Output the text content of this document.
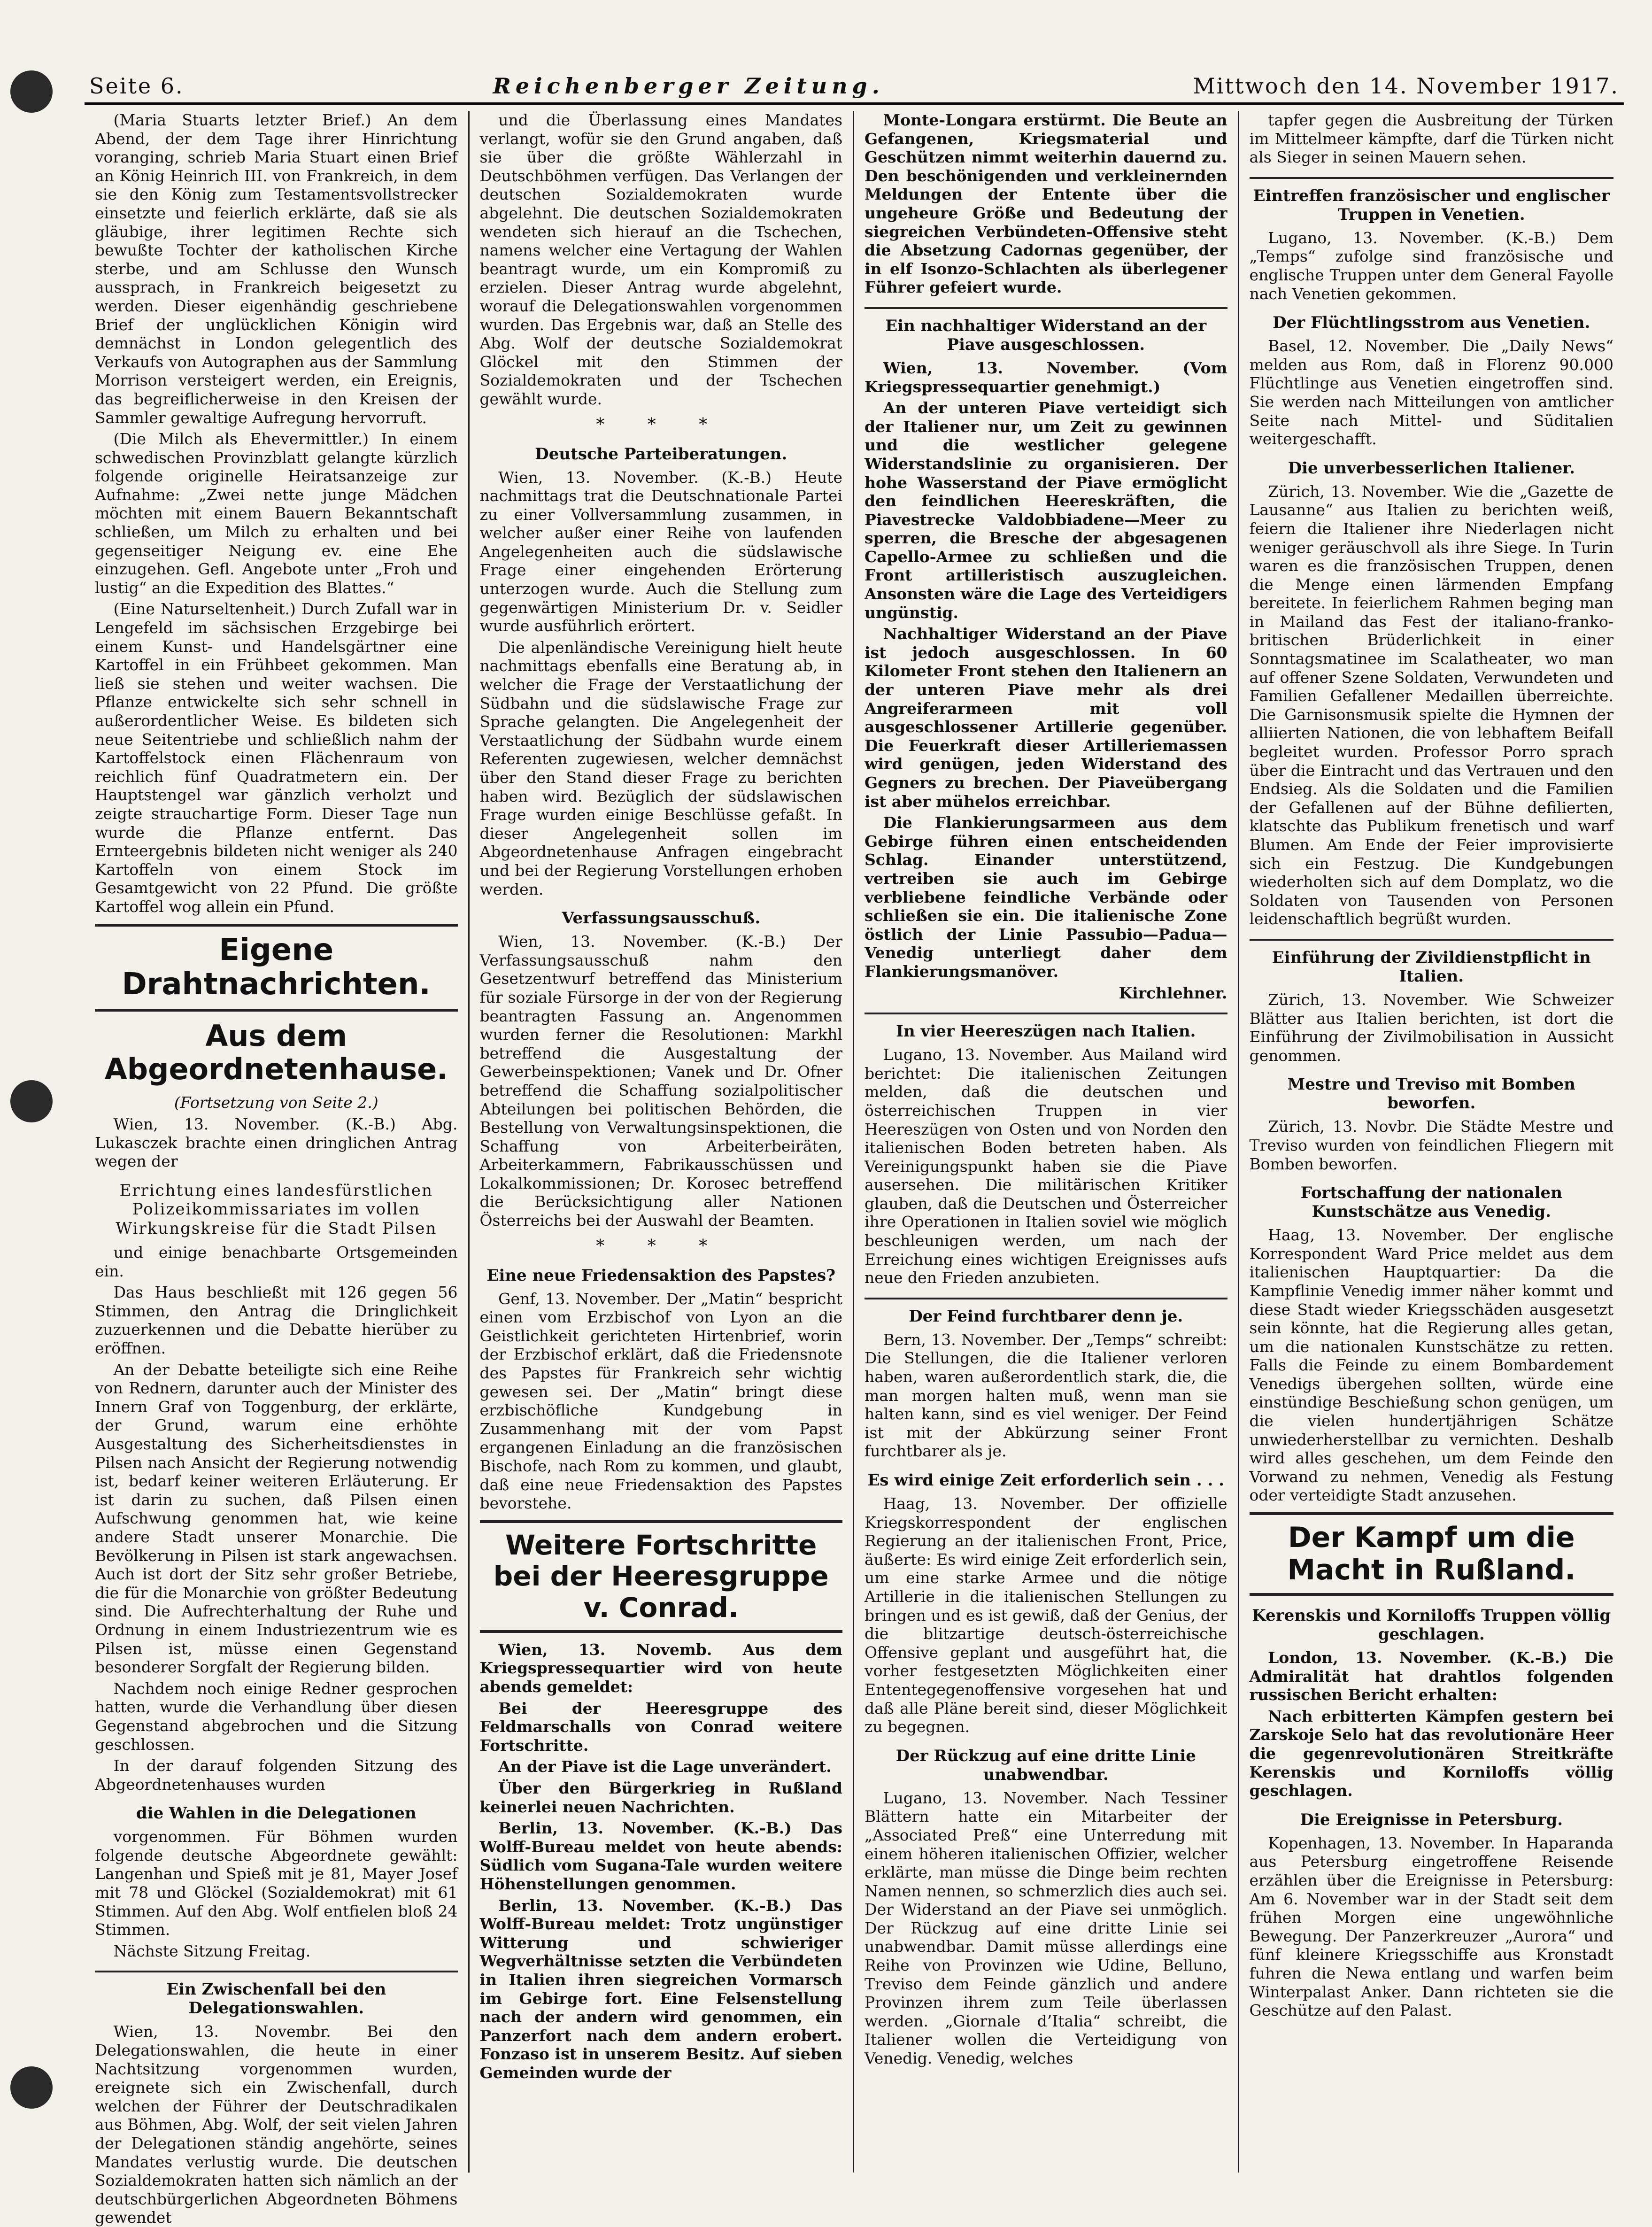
Seite 6.	Reichenberger Zeitung.	Mittwoch den 14. November 1917.

(Maria Stuarts letzter Brief.) An dem Abend, der dem Tage ihrer Hinrichtung voranging, schrieb Maria Stuart einen Brief an König Heinrich III. von Frankreich, in dem sie den König zum Testamentsvollstrecker einsetzte und feierlich erklärte, daß sie als gläubige, ihrer legitimen Rechte sich bewußte Tochter der katholischen Kirche sterbe, und am Schlusse den Wunsch aussprach, in Frankreich beigesetzt zu werden. Dieser eigenhändig geschriebene Brief der unglücklichen Königin wird demnächst in London gelegentlich des Verkaufs von Autographen aus der Sammlung Morrison versteigert werden, ein Ereignis, das begreiflicherweise in den Kreisen der Sammler gewaltige Aufregung hervorruft.

(Die Milch als Ehevermittler.) In einem schwedischen Provinzblatt gelangte kürzlich folgende originelle Heiratsanzeige zur Aufnahme: „Zwei nette junge Mädchen möchten mit einem Bauern Bekanntschaft schließen, um Milch zu erhalten und bei gegenseitiger Neigung ev. eine Ehe einzugehen. Gefl. Angebote unter „Froh und lustig“ an die Expedition des Blattes.“

(Eine Naturseltenheit.) Durch Zufall war in Lengefeld im sächsischen Erzgebirge bei einem Kunst- und Handelsgärtner eine Kartoffel in ein Frühbeet gekommen. Man ließ sie stehen und weiter wachsen. Die Pflanze entwickelte sich sehr schnell in außerordentlicher Weise. Es bildeten sich neue Seitentriebe und schließlich nahm der Kartoffelstock einen Flächenraum von reichlich fünf Quadratmetern ein. Der Hauptstengel war gänzlich verholzt und zeigte strauchartige Form. Dieser Tage nun wurde die Pflanze entfernt. Das Ernteergebnis bildeten nicht weniger als 240 Kartoffeln von einem Stock im Gesamtgewicht von 22 Pfund. Die größte Kartoffel wog allein ein Pfund.

Eigene Drahtnachrichten.
Aus dem Abgeordnetenhause.

(Fortsetzung von Seite 2.)

Wien, 13. November. (K.-B.) Abg. Lukasczek brachte einen dringlichen Antrag wegen der

Errichtung eines landesfürstlichen Polizeikommissariates im vollen Wirkungskreise für die Stadt Pilsen

und einige benachbarte Ortsgemeinden ein.

Das Haus beschließt mit 126 gegen 56 Stimmen, den Antrag die Dringlichkeit zuzuerkennen und die Debatte hierüber zu eröffnen.

An der Debatte beteiligte sich eine Reihe von Rednern, darunter auch der Minister des Innern Graf von Toggenburg, der erklärte, der Grund, warum eine erhöhte Ausgestaltung des Sicherheitsdienstes in Pilsen nach Ansicht der Regierung notwendig ist, bedarf keiner weiteren Erläuterung. Er ist darin zu suchen, daß Pilsen einen Aufschwung genommen hat, wie keine andere Stadt unserer Monarchie. Die Bevölkerung in Pilsen ist stark angewachsen. Auch ist dort der Sitz sehr großer Betriebe, die für die Monarchie von größter Bedeutung sind. Die Aufrechterhaltung der Ruhe und Ordnung in einem Industriezentrum wie es Pilsen ist, müsse einen Gegenstand besonderer Sorgfalt der Regierung bilden.

Nachdem noch einige Redner gesprochen hatten, wurde die Verhandlung über diesen Gegenstand abgebrochen und die Sitzung geschlossen.

In der darauf folgenden Sitzung des Abgeordnetenhauses wurden

die Wahlen in die Delegationen

vorgenommen. Für Böhmen wurden folgende deutsche Abgeordnete gewählt: Langenhan und Spieß mit je 81, Mayer Josef mit 78 und Glöckel (Sozialdemokrat) mit 61 Stimmen. Auf den Abg. Wolf entfielen bloß 24 Stimmen.

Nächste Sitzung Freitag.

Ein Zwischenfall bei den Delegationswahlen.

Wien, 13. Novembr. Bei den Delegationswahlen, die heute in einer Nachtsitzung vorgenommen wurden, ereignete sich ein Zwischenfall, durch welchen der Führer der Deutschradikalen aus Böhmen, Abg. Wolf, der seit vielen Jahren der Delegationen ständig angehörte, seines Mandates verlustig wurde. Die deutschen Sozialdemokraten hatten sich nämlich an der deutschbürgerlichen Abgeordneten Böhmens gewendet

und die Überlassung eines Mandates verlangt, wofür sie den Grund angaben, daß sie über die größte Wählerzahl in Deutschböhmen verfügen. Das Verlangen der deutschen Sozialdemokraten wurde abgelehnt. Die deutschen Sozialdemokraten wendeten sich hierauf an die Tschechen, namens welcher eine Vertagung der Wahlen beantragt wurde, um ein Kompromiß zu erzielen. Dieser Antrag wurde abgelehnt, worauf die Delegationswahlen vorgenommen wurden. Das Ergebnis war, daß an Stelle des Abg. Wolf der deutsche Sozialdemokrat Glöckel mit den Stimmen der Sozialdemokraten und der Tschechen gewählt wurde.

* * *
Deutsche Parteiberatungen.

Wien, 13. November. (K.-B.) Heute nachmittags trat die Deutschnationale Partei zu einer Vollversammlung zusammen, in welcher außer einer Reihe von laufenden Angelegenheiten auch die südslawische Frage einer eingehenden Erörterung unterzogen wurde. Auch die Stellung zum gegenwärtigen Ministerium Dr. v. Seidler wurde ausführlich erörtert.

Die alpenländische Vereinigung hielt heute nachmittags ebenfalls eine Beratung ab, in welcher die Frage der Verstaatlichung der Südbahn und die südslawische Frage zur Sprache gelangten. Die Angelegenheit der Verstaatlichung der Südbahn wurde einem Referenten zugewiesen, welcher demnächst über den Stand dieser Frage zu berichten haben wird. Bezüglich der südslawischen Frage wurden einige Beschlüsse gefaßt. In dieser Angelegenheit sollen im Abgeordnetenhause Anfragen eingebracht und bei der Regierung Vorstellungen erhoben werden.

Verfassungsausschuß.

Wien, 13. November. (K.-B.) Der Verfassungsausschuß nahm den Gesetzentwurf betreffend das Ministerium für soziale Fürsorge in der von der Regierung beantragten Fassung an. Angenommen wurden ferner die Resolutionen: Markhl betreffend die Ausgestaltung der Gewerbeinspektionen; Vanek und Dr. Ofner betreffend die Schaffung sozialpolitischer Abteilungen bei politischen Behörden, die Bestellung von Verwaltungsinspektionen, die Schaffung von Arbeiterbeiräten, Arbeiterkammern, Fabrikausschüssen und Lokalkommissionen; Dr. Korosec betreffend die Berücksichtigung aller Nationen Österreichs bei der Auswahl der Beamten.

* * *
Eine neue Friedensaktion des Papstes?

Genf, 13. November. Der „Matin“ bespricht einen vom Erzbischof von Lyon an die Geistlichkeit gerichteten Hirtenbrief, worin der Erzbischof erklärt, daß die Friedensnote des Papstes für Frankreich sehr wichtig gewesen sei. Der „Matin“ bringt diese erzbischöfliche Kundgebung in Zusammenhang mit der vom Papst ergangenen Einladung an die französischen Bischofe, nach Rom zu kommen, und glaubt, daß eine neue Friedensaktion des Papstes bevorstehe.

Weitere Fortschritte bei der Heeresgruppe v. Conrad.

Wien, 13. Novemb. Aus dem Kriegspressequartier wird von heute abends gemeldet:

Bei der Heeresgruppe des Feldmarschalls von Conrad weitere Fortschritte.

An der Piave ist die Lage unverändert.

Über den Bürgerkrieg in Rußland keinerlei neuen Nachrichten.

Berlin, 13. November. (K.-B.) Das Wolff-Bureau meldet von heute abends: Südlich vom Sugana-Tale wurden weitere Höhenstellungen genommen.

Berlin, 13. November. (K.-B.) Das Wolff-Bureau meldet: Trotz ungünstiger Witterung und schwieriger Wegverhältnisse setzten die Verbündeten in Italien ihren siegreichen Vormarsch im Gebirge fort. Eine Felsenstellung nach der andern wird genommen, ein Panzerfort nach dem andern erobert. Fonzaso ist in unserem Besitz. Auf sieben Gemeinden wurde der

Monte-Longara erstürmt. Die Beute an Gefangenen, Kriegsmaterial und Geschützen nimmt weiterhin dauernd zu. Den beschönigenden und verkleinernden Meldungen der Entente über die ungeheure Größe und Bedeutung der siegreichen Verbündeten-Offensive steht die Absetzung Cadornas gegenüber, der in elf Isonzo-Schlachten als überlegener Führer gefeiert wurde.

Ein nachhaltiger Widerstand an der Piave ausgeschlossen.

Wien, 13. November. (Vom Kriegspressequartier genehmigt.)

An der unteren Piave verteidigt sich der Italiener nur, um Zeit zu gewinnen und die westlicher gelegene Widerstandslinie zu organisieren. Der hohe Wasserstand der Piave ermöglicht den feindlichen Heereskräften, die Piavestrecke Valdobbiadene—Meer zu sperren, die Bresche der abgesagenen Capello-Armee zu schließen und die Front artilleristisch auszugleichen. Ansonsten wäre die Lage des Verteidigers ungünstig.

Nachhaltiger Widerstand an der Piave ist jedoch ausgeschlossen. In 60 Kilometer Front stehen den Italienern an der unteren Piave mehr als drei Angreiferarmeen mit voll ausgeschlossener Artillerie gegenüber. Die Feuerkraft dieser Artilleriemassen wird genügen, jeden Widerstand des Gegners zu brechen. Der Piaveübergang ist aber mühelos erreichbar.

Die Flankierungsarmeen aus dem Gebirge führen einen entscheidenden Schlag. Einander unterstützend, vertreiben sie auch im Gebirge verbliebene feindliche Verbände oder schließen sie ein. Die italienische Zone östlich der Linie Passubio—Padua—Venedig unterliegt daher dem Flankierungsmanöver.

Kirchlehner.

In vier Heereszügen nach Italien.

Lugano, 13. November. Aus Mailand wird berichtet: Die italienischen Zeitungen melden, daß die deutschen und österreichischen Truppen in vier Heereszügen von Osten und von Norden den italienischen Boden betreten haben. Als Vereinigungspunkt haben sie die Piave ausersehen. Die militärischen Kritiker glauben, daß die Deutschen und Österreicher ihre Operationen in Italien soviel wie möglich beschleunigen werden, um nach der Erreichung eines wichtigen Ereignisses aufs neue den Frieden anzubieten.

Der Feind furchtbarer denn je.

Bern, 13. November. Der „Temps“ schreibt: Die Stellungen, die die Italiener verloren haben, waren außerordentlich stark, die, die man morgen halten muß, wenn man sie halten kann, sind es viel weniger. Der Feind ist mit der Abkürzung seiner Front furchtbarer als je.

Es wird einige Zeit erforderlich sein . . .

Haag, 13. November. Der offizielle Kriegskorrespondent der englischen Regierung an der italienischen Front, Price, äußerte: Es wird einige Zeit erforderlich sein, um eine starke Armee und die nötige Artillerie in die italienischen Stellungen zu bringen und es ist gewiß, daß der Genius, der die blitzartige deutsch-österreichische Offensive geplant und ausgeführt hat, die vorher festgesetzten Möglichkeiten einer Ententegegenoffensive vorgesehen hat und daß alle Pläne bereit sind, dieser Möglichkeit zu begegnen.

Der Rückzug auf eine dritte Linie unabwendbar.

Lugano, 13. November. Nach Tessiner Blättern hatte ein Mitarbeiter der „Associated Preß“ eine Unterredung mit einem höheren italienischen Offizier, welcher erklärte, man müsse die Dinge beim rechten Namen nennen, so schmerzlich dies auch sei. Der Widerstand an der Piave sei unmöglich. Der Rückzug auf eine dritte Linie sei unabwendbar. Damit müsse allerdings eine Reihe von Provinzen wie Udine, Belluno, Treviso dem Feinde gänzlich und andere Provinzen ihrem zum Teile überlassen werden. „Giornale d’Italia“ schreibt, die Italiener wollen die Verteidigung von Venedig. Venedig, welches

tapfer gegen die Ausbreitung der Türken im Mittelmeer kämpfte, darf die Türken nicht als Sieger in seinen Mauern sehen.

Eintreffen französischer und englischer Truppen in Venetien.

Lugano, 13. November. (K.-B.) Dem „Temps“ zufolge sind französische und englische Truppen unter dem General Fayolle nach Venetien gekommen.

Der Flüchtlingsstrom aus Venetien.

Basel, 12. November. Die „Daily News“ melden aus Rom, daß in Florenz 90.000 Flüchtlinge aus Venetien eingetroffen sind. Sie werden nach Mitteilungen von amtlicher Seite nach Mittel- und Süditalien weitergeschafft.

Die unverbesserlichen Italiener.

Zürich, 13. November. Wie die „Gazette de Lausanne“ aus Italien zu berichten weiß, feiern die Italiener ihre Niederlagen nicht weniger geräuschvoll als ihre Siege. In Turin waren es die französischen Truppen, denen die Menge einen lärmenden Empfang bereitete. In feierlichem Rahmen beging man in Mailand das Fest der italiano-franko-britischen Brüderlichkeit in einer Sonntagsmatinee im Scalatheater, wo man auf offener Szene Soldaten, Verwundeten und Familien Gefallener Medaillen überreichte. Die Garnisonsmusik spielte die Hymnen der alliierten Nationen, die von lebhaftem Beifall begleitet wurden. Professor Porro sprach über die Eintracht und das Vertrauen und den Endsieg. Als die Soldaten und die Familien der Gefallenen auf der Bühne defilierten, klatschte das Publikum frenetisch und warf Blumen. Am Ende der Feier improvisierte sich ein Festzug. Die Kundgebungen wiederholten sich auf dem Domplatz, wo die Soldaten von Tausenden von Personen leidenschaftlich begrüßt wurden.

Einführung der Zivildienstpflicht in Italien.

Zürich, 13. November. Wie Schweizer Blätter aus Italien berichten, ist dort die Einführung der Zivilmobilisation in Aussicht genommen.

Mestre und Treviso mit Bomben beworfen.

Zürich, 13. Novbr. Die Städte Mestre und Treviso wurden von feindlichen Fliegern mit Bomben beworfen.

Fortschaffung der nationalen Kunstschätze aus Venedig.

Haag, 13. November. Der englische Korrespondent Ward Price meldet aus dem italienischen Hauptquartier: Da die Kampflinie Venedig immer näher kommt und diese Stadt wieder Kriegsschäden ausgesetzt sein könnte, hat die Regierung alles getan, um die nationalen Kunstschätze zu retten. Falls die Feinde zu einem Bombardement Venedigs übergehen sollten, würde eine einstündige Beschießung schon genügen, um die vielen hundertjährigen Schätze unwiederherstellbar zu vernichten. Deshalb wird alles geschehen, um dem Feinde den Vorwand zu nehmen, Venedig als Festung oder verteidigte Stadt anzusehen.

Der Kampf um die Macht in Rußland.
Kerenskis und Korniloffs Truppen völlig geschlagen.

London, 13. November. (K.-B.) Die Admiralität hat drahtlos folgenden russischen Bericht erhalten:

Nach erbitterten Kämpfen gestern bei Zarskoje Selo hat das revolutionäre Heer die gegenrevolutionären Streitkräfte Kerenskis und Korniloffs völlig geschlagen.

Die Ereignisse in Petersburg.

Kopenhagen, 13. November. In Haparanda aus Petersburg eingetroffene Reisende erzählen über die Ereignisse in Petersburg: Am 6. November war in der Stadt seit dem frühen Morgen eine ungewöhnliche Bewegung. Der Panzerkreuzer „Aurora“ und fünf kleinere Kriegsschiffe aus Kronstadt fuhren die Newa entlang und warfen beim Winterpalast Anker. Dann richteten sie die Geschütze auf den Palast.
